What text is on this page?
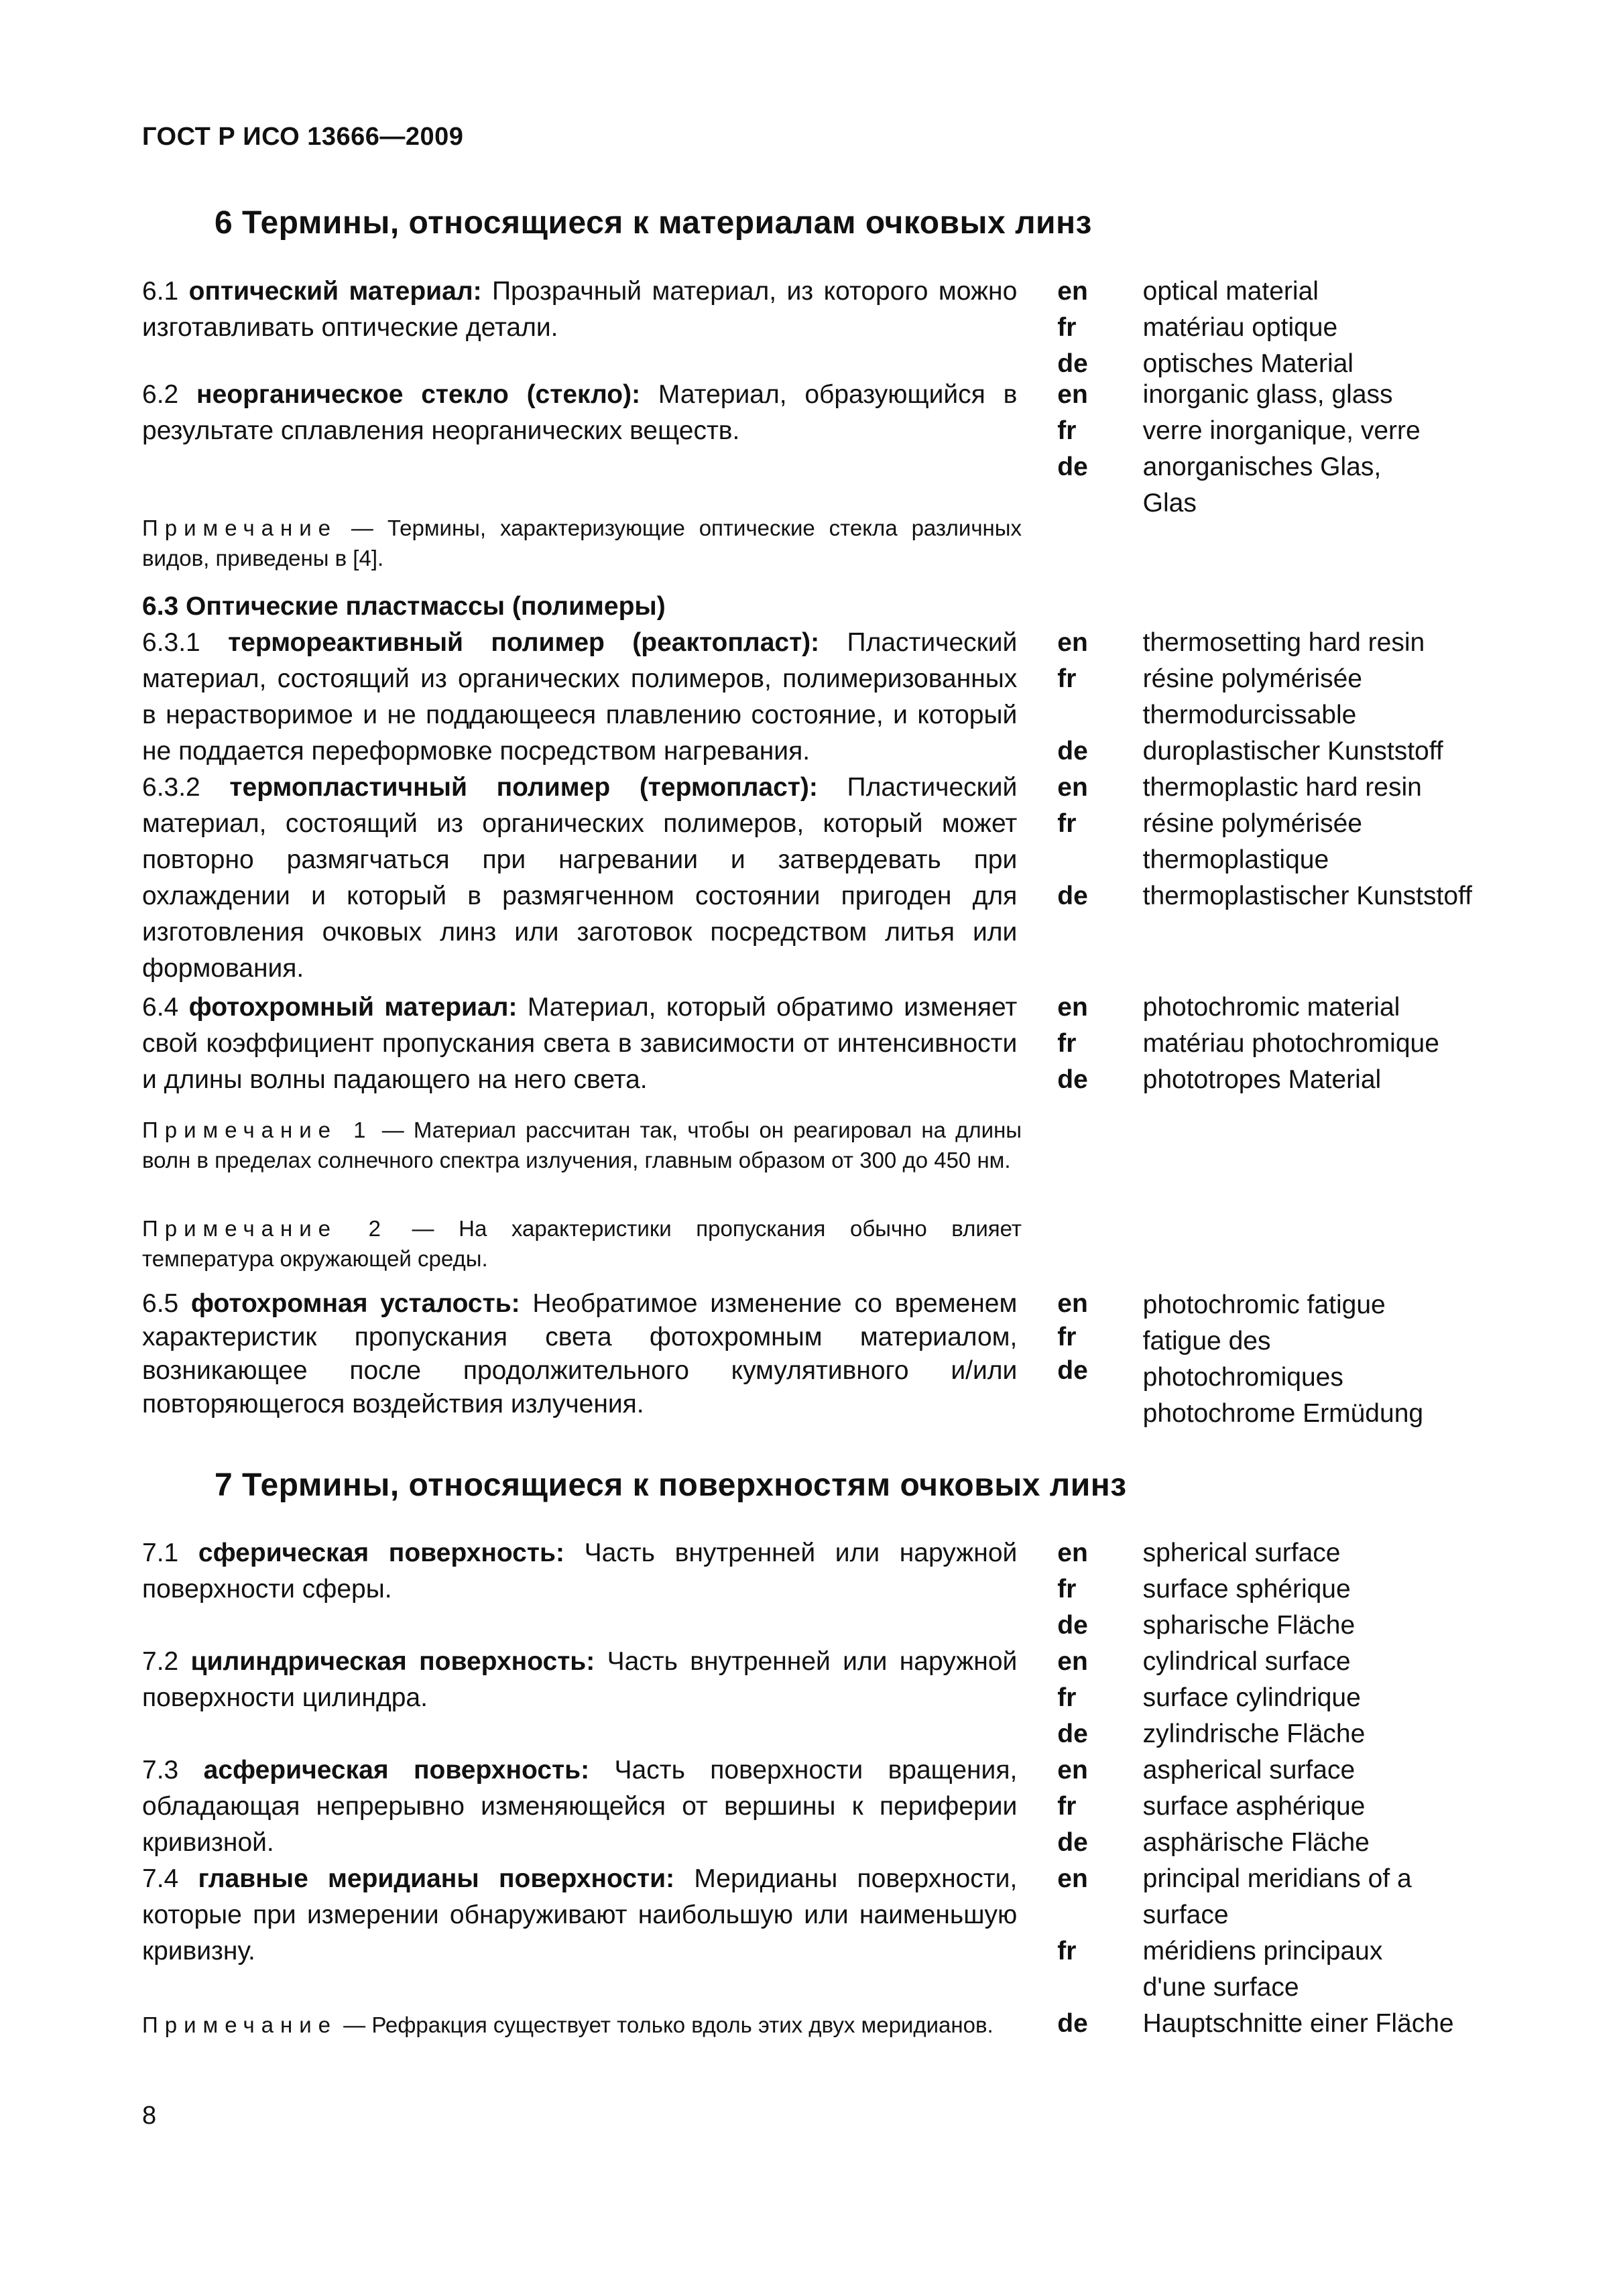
ГОСТ Р ИСО 13666—2009
6 Термины, относящиеся к материалам очковых линз
6.1 оптический материал: Прозрачный материал, из которого можно изготавливать оптические детали.
en
fr
de
optical material
matériau optique
optisches Material
6.2 неорганическое стекло (стекло): Материал, образующийся в результате сплавления неорганических веществ.
en
fr
de
inorganic glass, glass
verre inorganique, verre
anorganisches Glas, Glas
Примечание — Термины, характеризующие оптические стекла различных видов, приведены в [4].
6.3 Оптические пластмассы (полимеры)
6.3.1 термореактивный полимер (реактопласт): Пластический материал, состоящий из органических полимеров, полимеризованных в нерастворимое и не поддающееся плавлению состояние, и который не поддается переформовке посредством нагревания.
en
fr
de
thermosetting hard resin
résine polymérisée thermodurcissable
duroplastischer Kunststoff
6.3.2 термопластичный полимер (термопласт): Пластический материал, состоящий из органических полимеров, который может повторно размягчаться при нагревании и затвердевать при охлаждении и который в размягченном состоянии пригоден для изготовления очковых линз или заготовок посредством литья или формования.
en
fr
de
thermoplastic hard resin
résine polymérisée thermoplastique
thermoplastischer Kunststoff
6.4 фотохромный материал: Материал, который обратимо изменяет свой коэффициент пропускания света в зависимости от интенсивности и длины волны падающего на него света.
en
fr
de
photochromic material
matériau photochromique
phototropes Material
Примечание 1 — Материал рассчитан так, чтобы он реагировал на длины волн в пределах солнечного спектра излучения, главным образом от 300 до 450 нм.
Примечание 2 — На характеристики пропускания обычно влияет температура окружающей среды.
6.5 фотохромная усталость: Необратимое изменение со временем характеристик пропускания света фотохромным материалом, возникающее после продолжительного кумулятивного и/или повторяющегося воздействия излучения.
en
fr
de
photochromic fatigue
fatigue des photochromiques
photochrome Ermüdung
7 Термины, относящиеся к поверхностям очковых линз
7.1 сферическая поверхность: Часть внутренней или наружной поверхности сферы.
en
fr
de
spherical surface
surface sphérique
spharische Fläche
7.2 цилиндрическая поверхность: Часть внутренней или наружной поверхности цилиндра.
en
fr
de
cylindrical surface
surface cylindrique
zylindrische Fläche
7.3 асферическая поверхность: Часть поверхности вращения, обладающая непрерывно изменяющейся от вершины к периферии кривизной.
en
fr
de
aspherical surface
surface asphérique
asphärische Fläche
7.4 главные меридианы поверхности: Меридианы поверхности, которые при измерении обнаруживают наибольшую или наименьшую кривизну.
en
fr
de
principal meridians of a surface
méridiens principaux d'une surface
Hauptschnitte einer Fläche
Примечание — Рефракция существует только вдоль этих двух меридианов.
8
